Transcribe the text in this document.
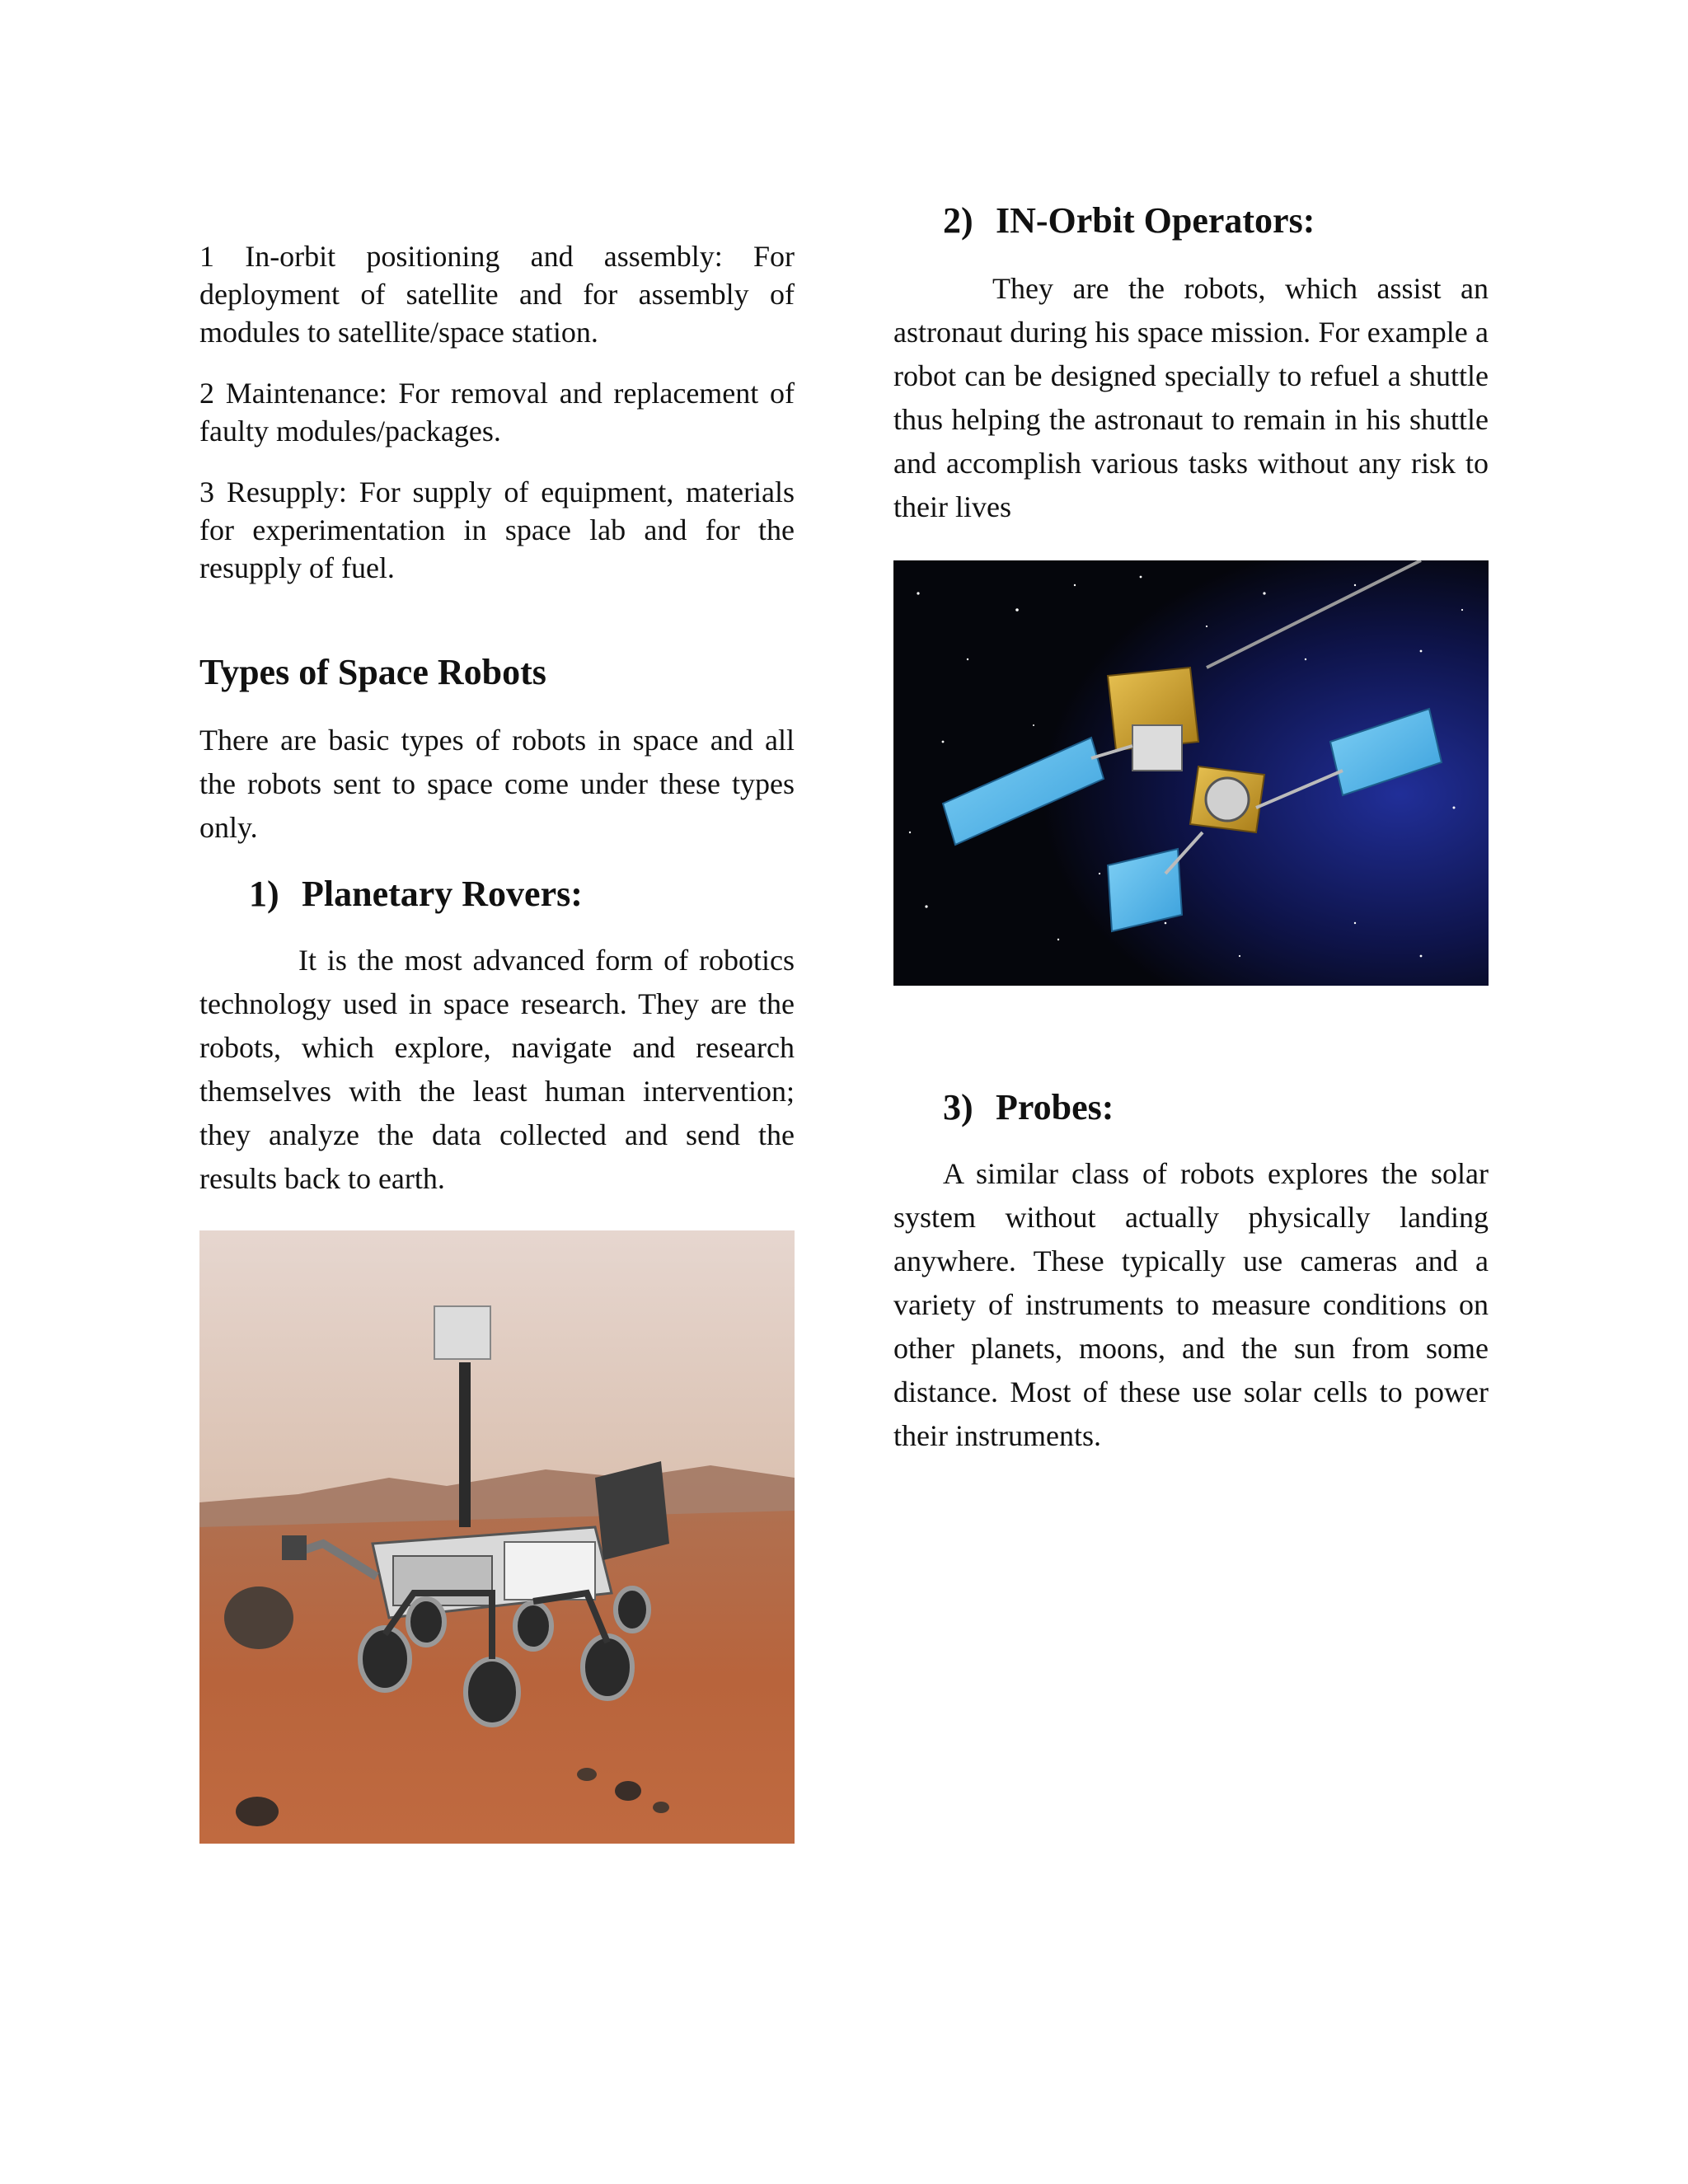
1 In-orbit positioning and assembly: For deployment of satellite and for assembly of modules to satellite/space station.

2 Maintenance: For removal and replacement of faulty modules/packages.

3 Resupply: For supply of equipment, materials for experimentation in space lab and for the resupply of fuel.

Types of Space Robots

There are basic types of robots in space and all the robots sent to space come under these types only.

1) Planetary Rovers:

It is the most advanced form of robotics technology used in space research. They are the robots, which explore, navigate and research themselves with the least human intervention; they analyze the data collected and send the results back to earth.

2) IN-Orbit Operators:

They are the robots, which assist an astronaut during his space mission. For example a robot can be designed specially to refuel a shuttle thus helping the astronaut to remain in his shuttle and accomplish various tasks without any risk to their lives

3) Probes:

A similar class of robots explores the solar system without actually physically landing anywhere. These typically use cameras and a variety of instruments to measure conditions on other planets, moons, and the sun from some distance. Most of these use solar cells to power their instruments.
